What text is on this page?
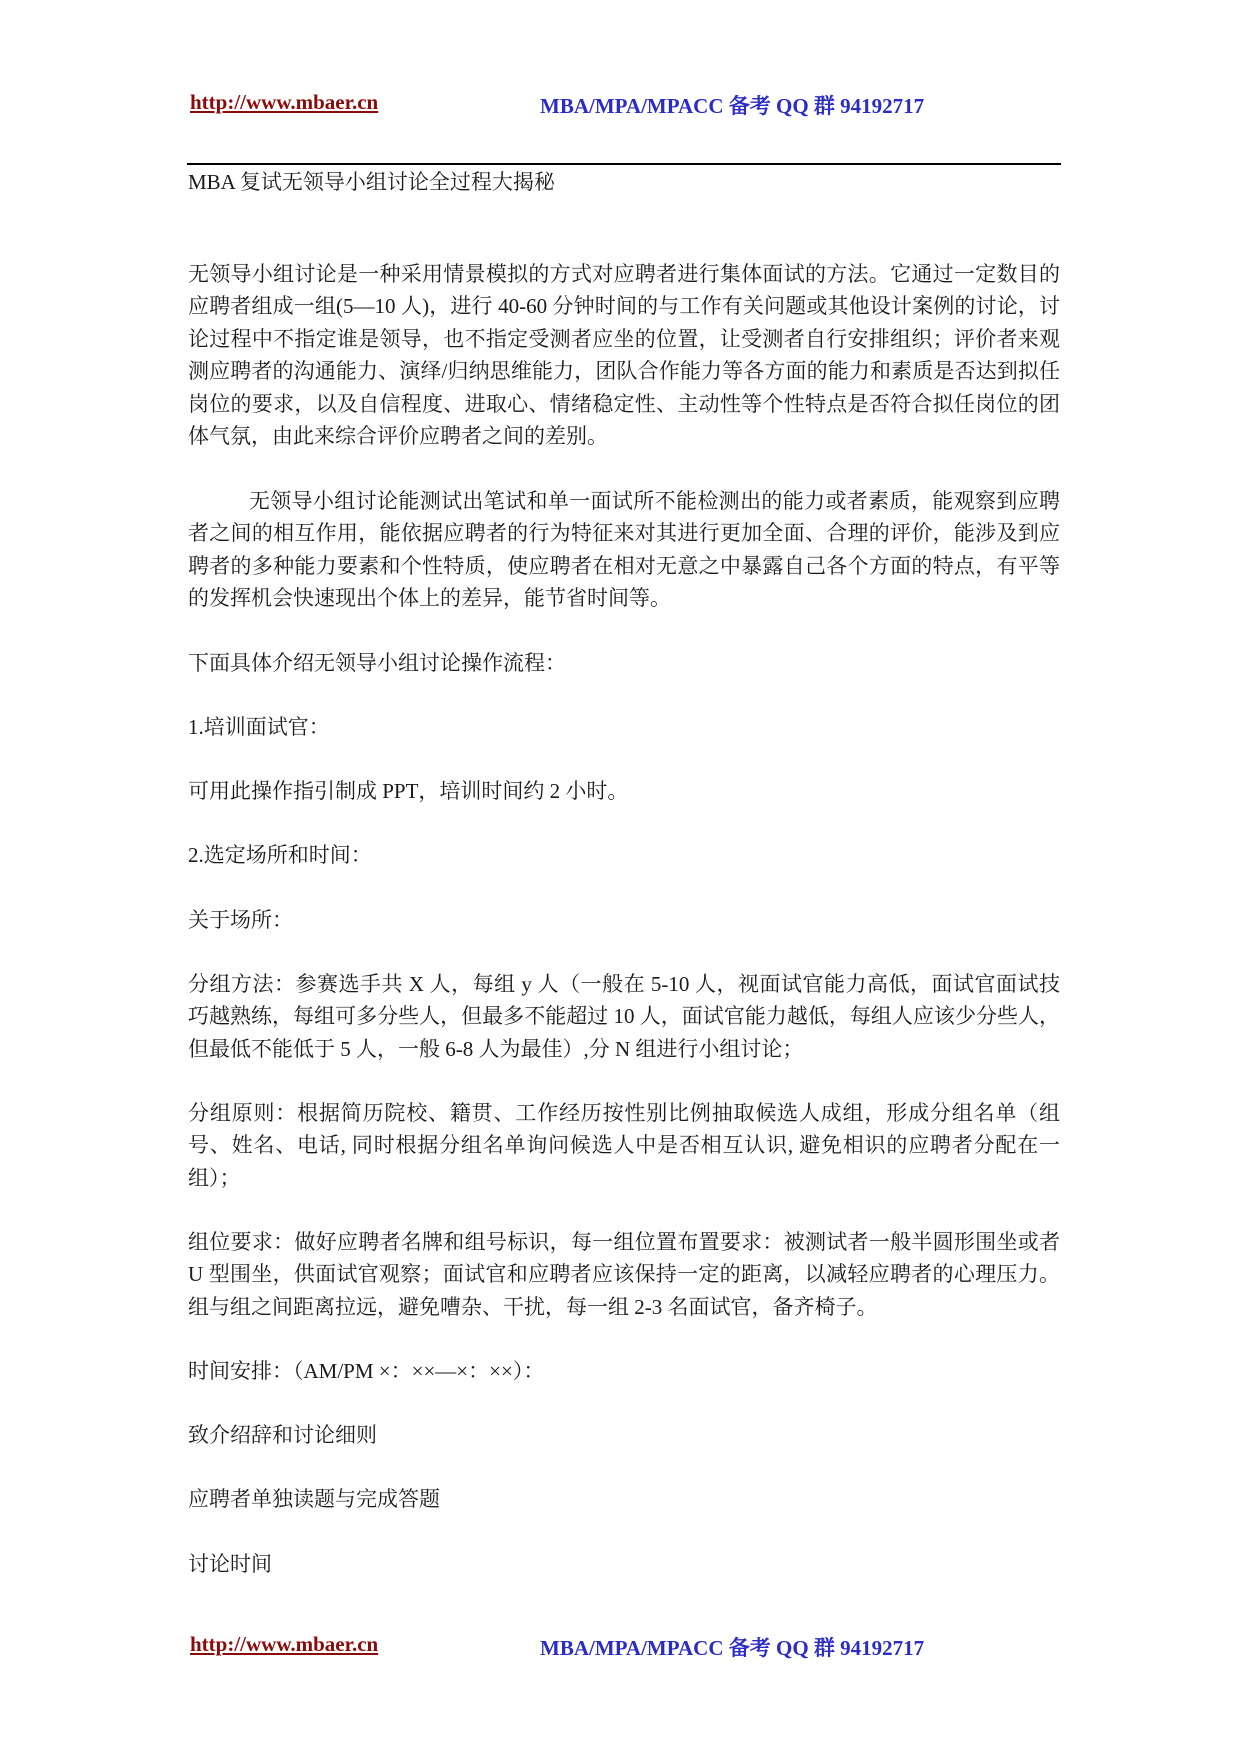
http://www.mbaer.cn	MBA/MPA/MPACC 备考 QQ 群 94192717
MBA 复试无领导小组讨论全过程大揭秘

无领导小组讨论是一种采用情景模拟的方式对应聘者进行集体面试的方法。它通过一定数目的应聘者组成一组(5—10 人)，进行 40-60 分钟时间的与工作有关问题或其他设计案例的讨论，讨论过程中不指定谁是领导，也不指定受测者应坐的位置，让受测者自行安排组织；评价者来观测应聘者的沟通能力、演绎/归纳思维能力，团队合作能力等各方面的能力和素质是否达到拟任岗位的要求，以及自信程度、进取心、情绪稳定性、主动性等个性特点是否符合拟任岗位的团体气氛，由此来综合评价应聘者之间的差别。

无领导小组讨论能测试出笔试和单一面试所不能检测出的能力或者素质，能观察到应聘者之间的相互作用，能依据应聘者的行为特征来对其进行更加全面、合理的评价，能涉及到应聘者的多种能力要素和个性特质，使应聘者在相对无意之中暴露自己各个方面的特点，有平等的发挥机会快速现出个体上的差异，能节省时间等。

下面具体介绍无领导小组讨论操作流程：

1.培训面试官：

可用此操作指引制成 PPT，培训时间约 2 小时。

2.选定场所和时间：

关于场所：

分组方法：参赛选手共 X 人，每组 y 人（一般在 5-10 人，视面试官能力高低，面试官面试技巧越熟练，每组可多分些人，但最多不能超过 10 人，面试官能力越低，每组人应该少分些人，但最低不能低于 5 人，一般 6-8 人为最佳）,分 N 组进行小组讨论；

分组原则：根据简历院校、籍贯、工作经历按性别比例抽取候选人成组，形成分组名单（组号、姓名、电话, 同时根据分组名单询问候选人中是否相互认识, 避免相识的应聘者分配在一组）；

组位要求：做好应聘者名牌和组号标识，每一组位置布置要求：被测试者一般半圆形围坐或者 U 型围坐，供面试官观察；面试官和应聘者应该保持一定的距离，以减轻应聘者的心理压力。组与组之间距离拉远，避免嘈杂、干扰，每一组 2-3 名面试官，备齐椅子。

时间安排：（AM/PM ×：××—×：××）：

致介绍辞和讨论细则

应聘者单独读题与完成答题

讨论时间

http://www.mbaer.cn	MBA/MPA/MPACC 备考 QQ 群 94192717
